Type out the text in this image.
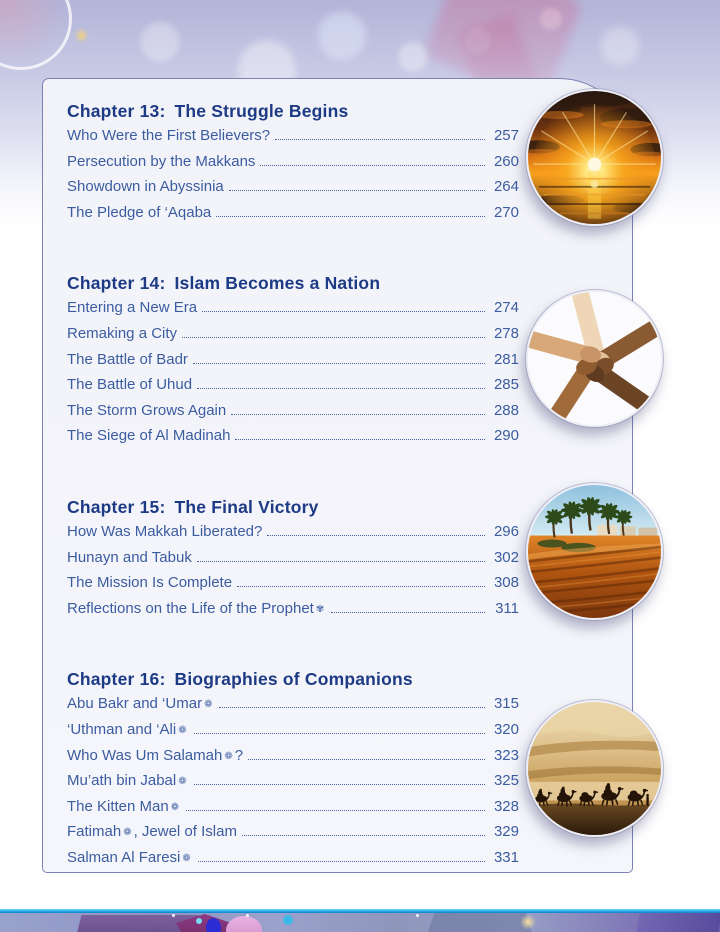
Chapter 13: The Struggle Begins
Who Were the First Believers?	257
Persecution by the Makkans	260
Showdown in Abyssinia	264
The Pledge of ‘Aqaba	270
Chapter 14: Islam Becomes a Nation
Entering a New Era	274
Remaking a City	278
The Battle of Badr	281
The Battle of Uhud	285
The Storm Grows Again	288
The Siege of Al Madinah	290
Chapter 15: The Final Victory
How Was Makkah Liberated?	296
Hunayn and Tabuk	302
The Mission Is Complete	308
Reflections on the Life of the Prophet ✾	311
Chapter 16: Biographies of Companions
Abu Bakr and ‘Umar ❁	315
‘Uthman and ‘Ali ❁	320
Who Was Um Salamah ❁ ?	323
Mu’ath bin Jabal ❁	325
The Kitten Man ❁	328
Fatimah ❁ , Jewel of Islam	329
Salman Al Faresi ❁	331
